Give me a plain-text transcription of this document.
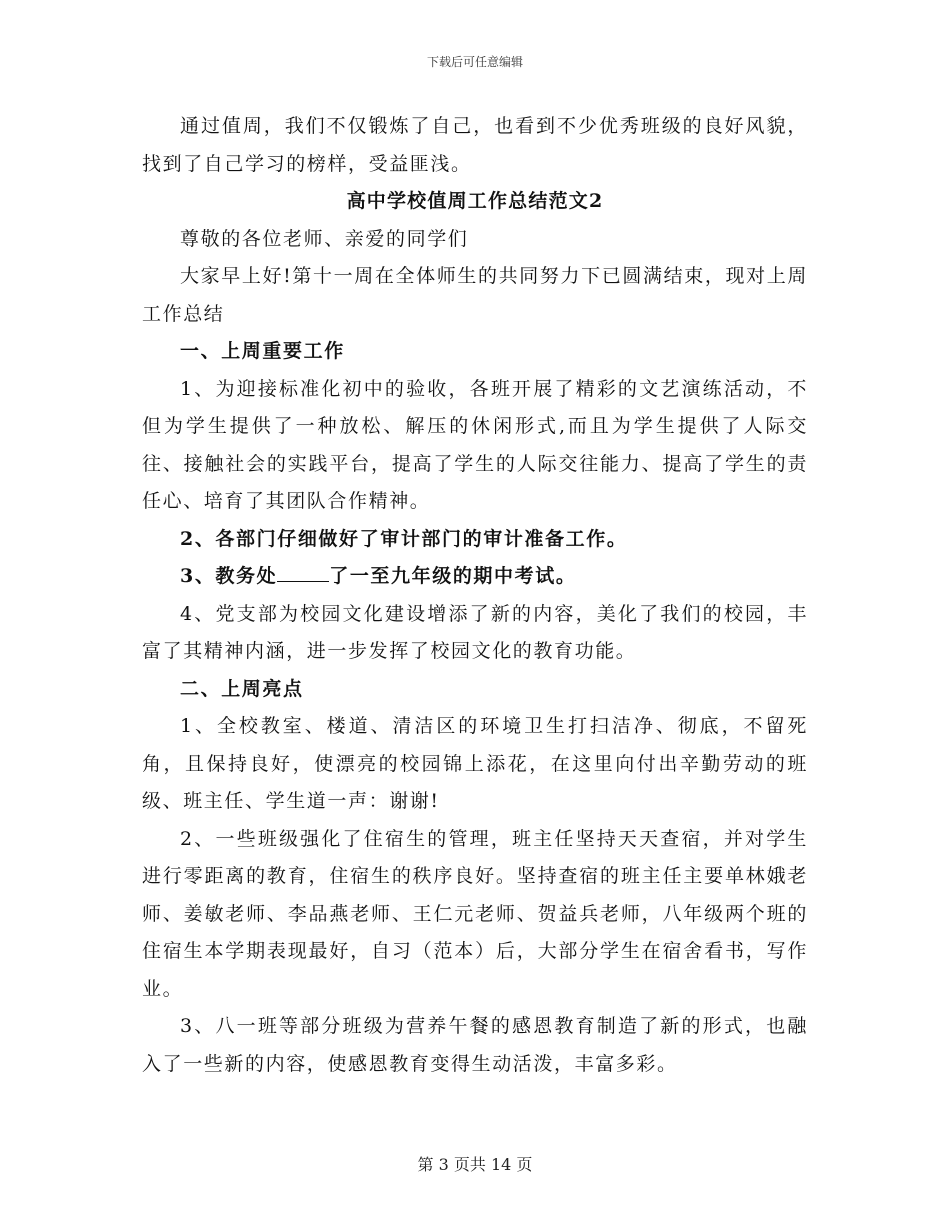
下载后可任意编辑

通过值周，我们不仅锻炼了自己，也看到不少优秀班级的良好风貌，找到了自己学习的榜样，受益匪浅。

高中学校值周工作总结范文2

尊敬的各位老师、亲爱的同学们

大家早上好!第十一周在全体师生的共同努力下已圆满结束，现对上周工作总结

一、上周重要工作

1、为迎接标准化初中的验收，各班开展了精彩的文艺演练活动，不但为学生提供了一种放松、解压的休闲形式,而且为学生提供了人际交往、接触社会的实践平台，提高了学生的人际交往能力、提高了学生的责任心、培育了其团队合作精神。

2、各部门仔细做好了审计部门的审计准备工作。

3、教务处	了一至九年级的期中考试。

4、党支部为校园文化建设增添了新的内容，美化了我们的校园，丰富了其精神内涵，进一步发挥了校园文化的教育功能。

二、上周亮点

1、全校教室、楼道、清洁区的环境卫生打扫洁净、彻底，不留死角，且保持良好，使漂亮的校园锦上添花，在这里向付出辛勤劳动的班级、班主任、学生道一声：谢谢!

2、一些班级强化了住宿生的管理，班主任坚持天天查宿，并对学生进行零距离的教育，住宿生的秩序良好。坚持查宿的班主任主要单林娥老师、姜敏老师、李品燕老师、王仁元老师、贺益兵老师，八年级两个班的住宿生本学期表现最好，自习（范本）后，大部分学生在宿舍看书，写作业。

3、八一班等部分班级为营养午餐的感恩教育制造了新的形式，也融入了一些新的内容，使感恩教育变得生动活泼，丰富多彩。

第 3 页共 14 页
